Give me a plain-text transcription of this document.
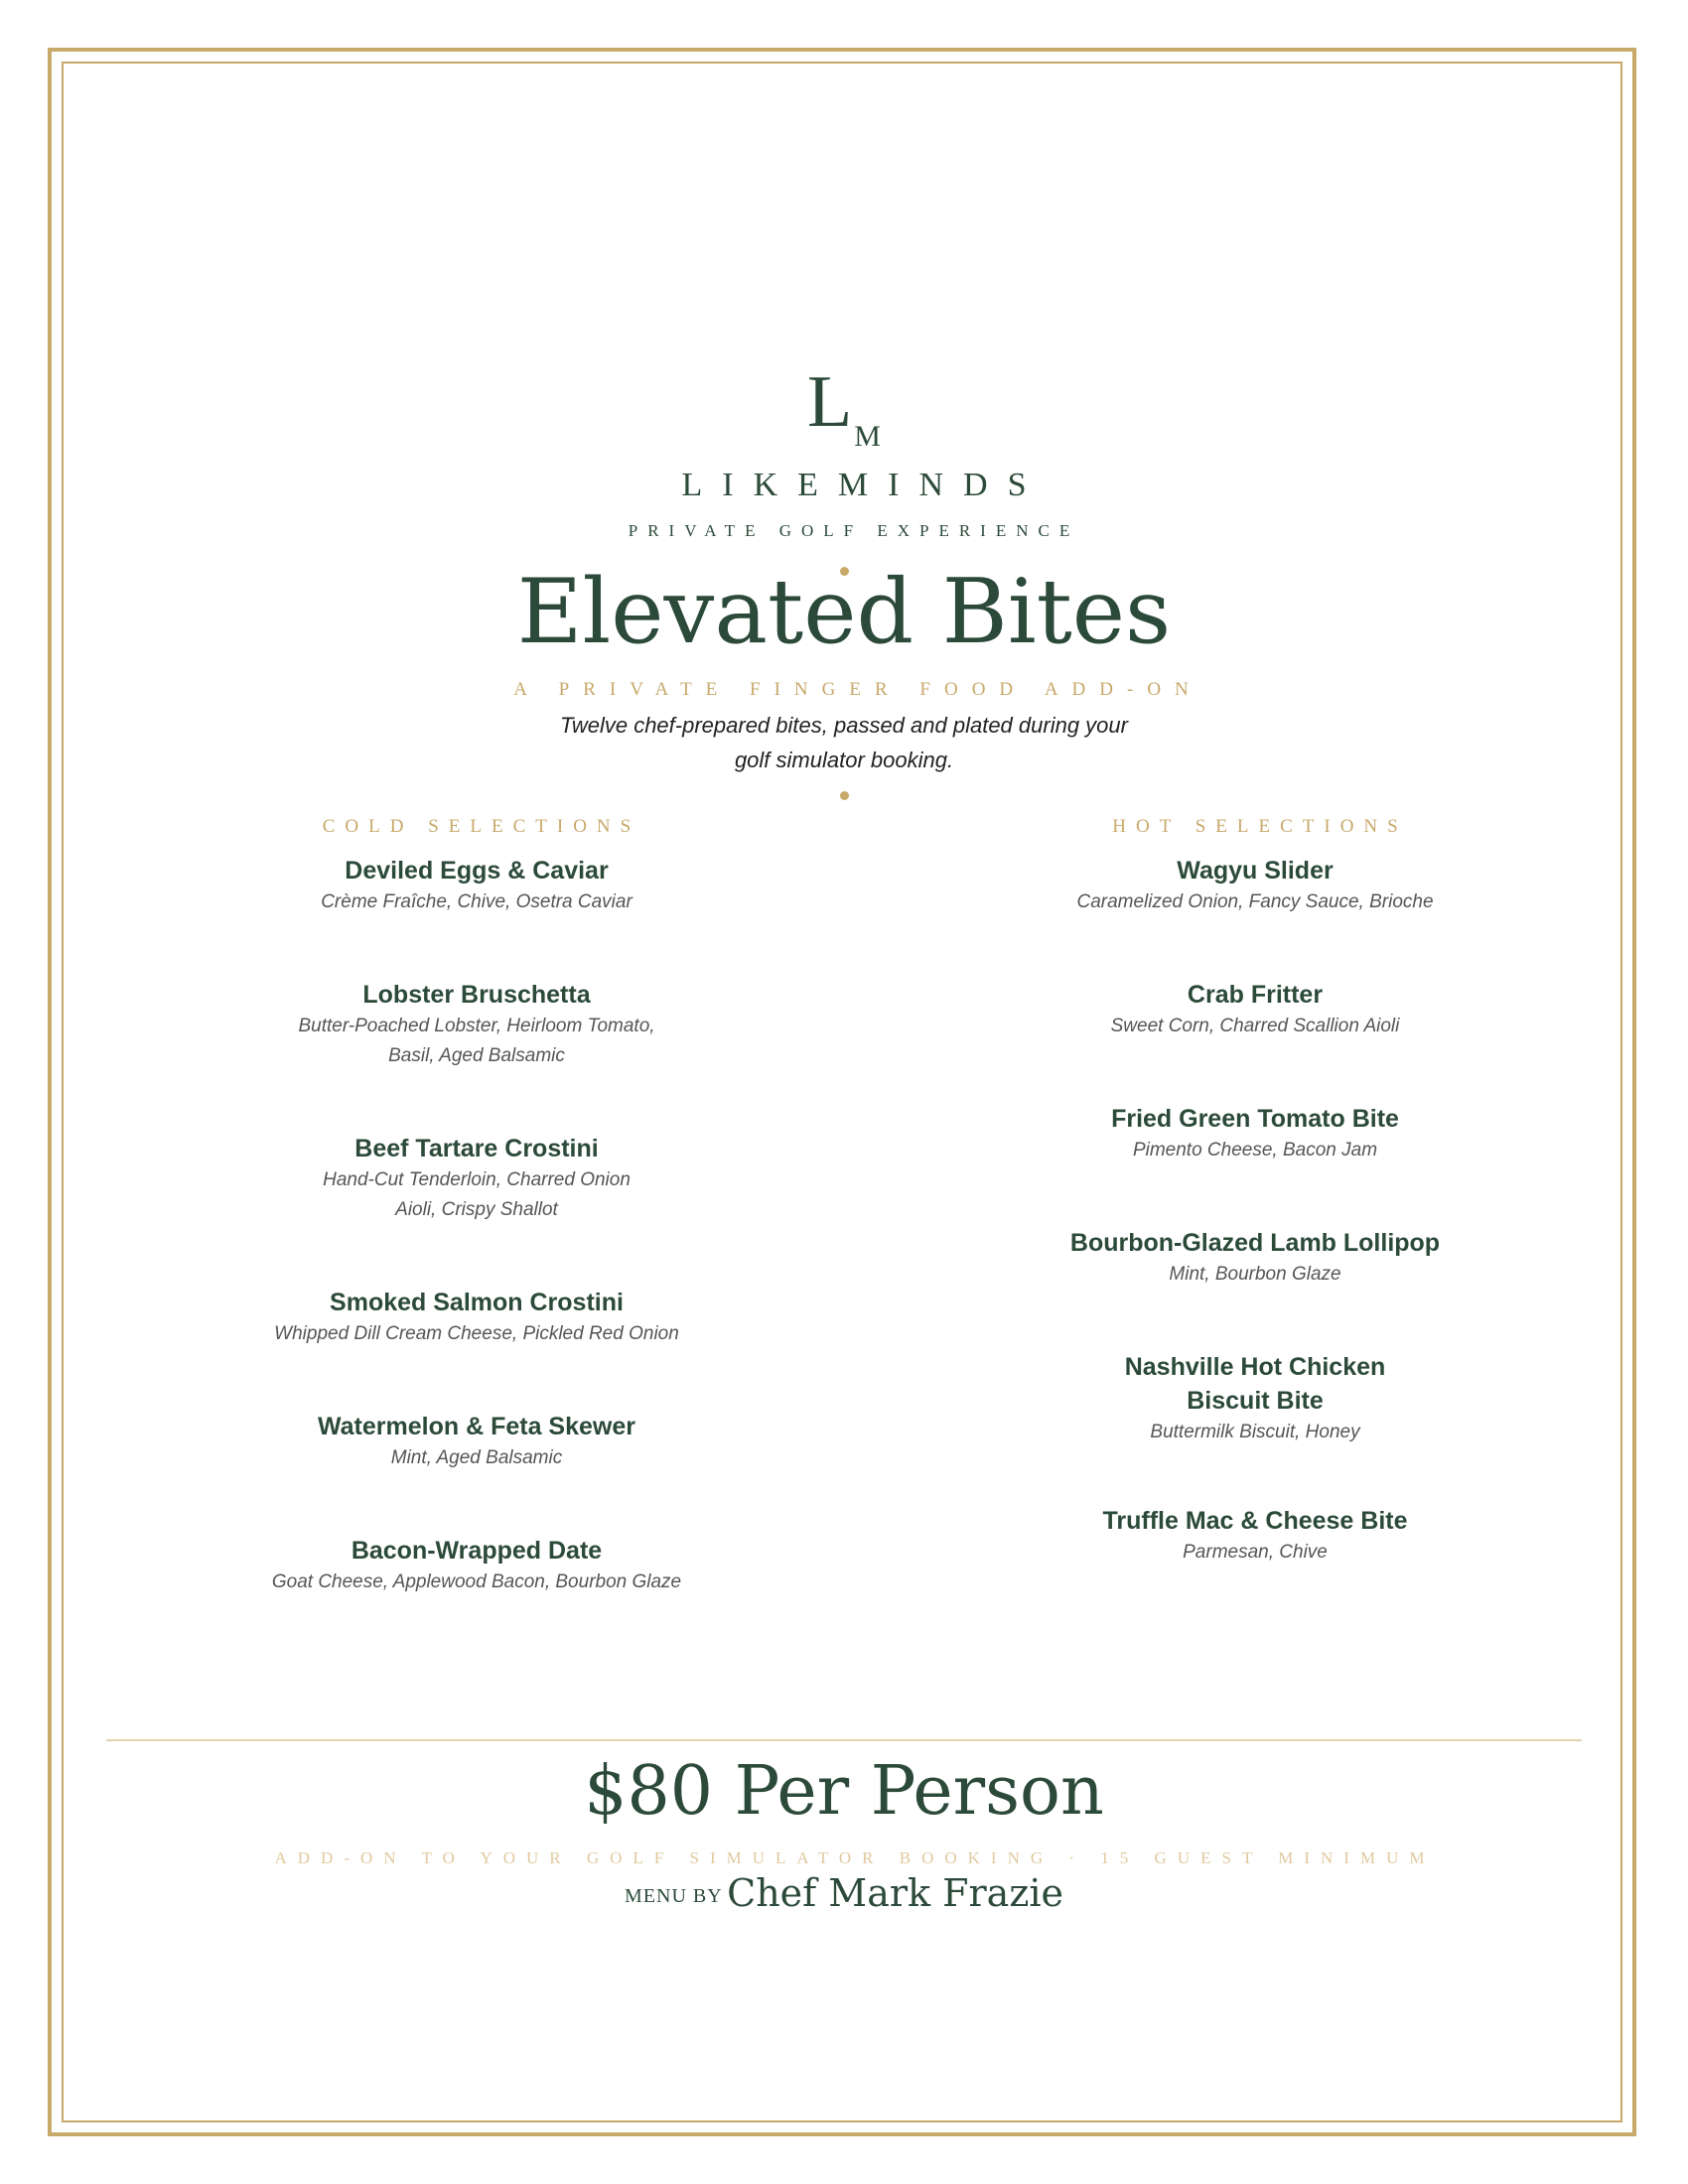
LM
LIKEMINDS
PRIVATE GOLF EXPERIENCE
Elevated Bites
A PRIVATE FINGER FOOD ADD-ON
Twelve chef-prepared bites, passed and plated during your
golf simulator booking.
COLD SELECTIONS
Deviled Eggs & Caviar
Crème Fraîche, Chive, Osetra Caviar
Lobster Bruschetta
Butter-Poached Lobster, Heirloom Tomato,
Basil, Aged Balsamic
Beef Tartare Crostini
Hand-Cut Tenderloin, Charred Onion
Aioli, Crispy Shallot
Smoked Salmon Crostini
Whipped Dill Cream Cheese, Pickled Red Onion
Watermelon & Feta Skewer
Mint, Aged Balsamic
Bacon-Wrapped Date
Goat Cheese, Applewood Bacon, Bourbon Glaze
HOT SELECTIONS
Wagyu Slider
Caramelized Onion, Fancy Sauce, Brioche
Crab Fritter
Sweet Corn, Charred Scallion Aioli
Fried Green Tomato Bite
Pimento Cheese, Bacon Jam
Bourbon-Glazed Lamb Lollipop
Mint, Bourbon Glaze
Nashville Hot Chicken
Biscuit Bite
Buttermilk Biscuit, Honey
Truffle Mac & Cheese Bite
Parmesan, Chive
$80 Per Person
ADD-ON TO YOUR GOLF SIMULATOR BOOKING · 15 GUEST MINIMUM
MENU BY Chef Mark Frazie
